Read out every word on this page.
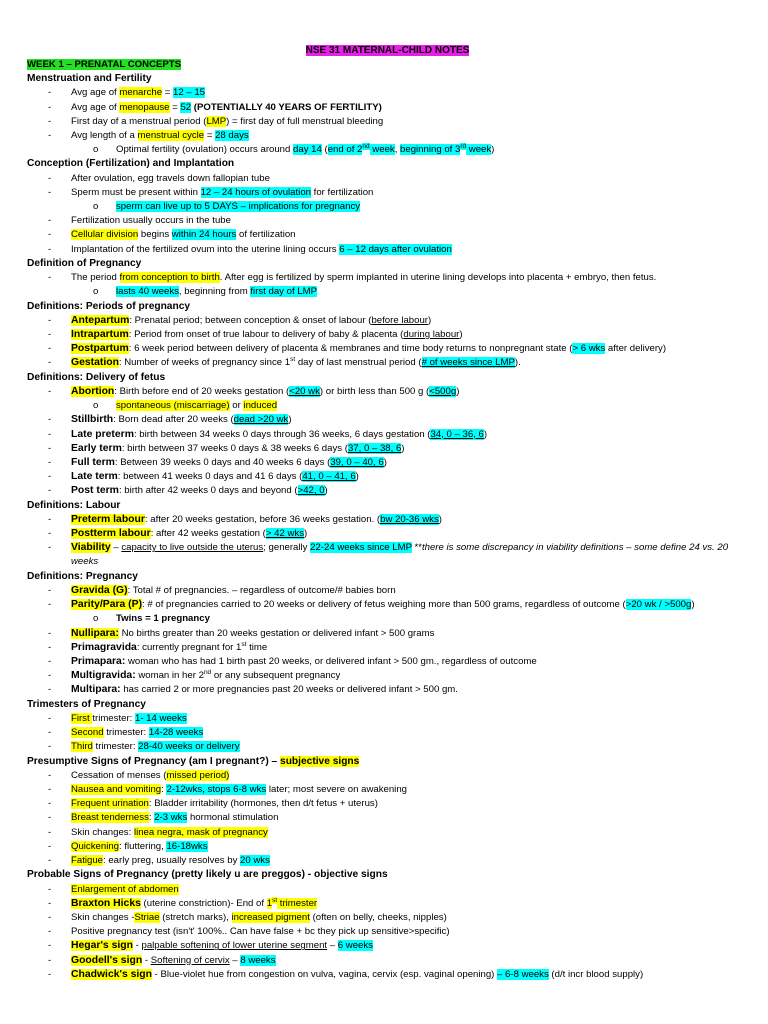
NSE 31 MATERNAL-CHILD NOTES
WEEK 1 – PRENATAL CONCEPTS
Menstruation and Fertility
- Avg age of menarche = 12 – 15
- Avg age of menopause = 52 (POTENTIALLY 40 YEARS OF FERTILITY)
- First day of a menstrual period (LMP) = first day of full menstrual bleeding
- Avg length of a menstrual cycle = 28 days
o Optimal fertility (ovulation) occurs around day 14 (end of 2nd week, beginning of 3rd week)
Conception (Fertilization) and Implantation
- After ovulation, egg travels down fallopian tube
- Sperm must be present within 12 – 24 hours of ovulation for fertilization
o sperm can live up to 5 DAYS – implications for pregnancy
- Fertilization usually occurs in the tube
- Cellular division begins within 24 hours of fertilization
- Implantation of the fertilized ovum into the uterine lining occurs 6 – 12 days after ovulation
Definition of Pregnancy
- The period from conception to birth. After egg is fertilized by sperm implanted in uterine lining develops into placenta + embryo, then fetus.
o lasts 40 weeks, beginning from first day of LMP
Definitions: Periods of pregnancy
- Antepartum: Prenatal period; between conception & onset of labour (before labour)
- Intrapartum: Period from onset of true labour to delivery of baby & placenta (during labour)
- Postpartum: 6 week period between delivery of placenta & membranes and time body returns to nonpregnant state (> 6 wks after delivery)
- Gestation: Number of weeks of pregnancy since 1st day of last menstrual period (# of weeks since LMP).
Definitions: Delivery of fetus
- Abortion: Birth before end of 20 weeks gestation (<20 wk) or birth less than 500 g (<500g)
o spontaneous (miscarriage) or induced
- Stillbirth: Born dead after 20 weeks (dead >20 wk)
- Late preterm: birth between 34 weeks 0 days through 36 weeks, 6 days gestation (34, 0 – 36, 6)
- Early term: birth between 37 weeks 0 days & 38 weeks 6 days (37, 0 – 38, 6)
- Full term: Between 39 weeks 0 days and 40 weeks 6 days (39, 0 – 40, 6)
- Late term: between 41 weeks 0 days and 41 6 days (41, 0 – 41, 6)
- Post term: birth after 42 weeks 0 days and beyond (>42, 0)
Definitions: Labour
- Preterm labour: after 20 weeks gestation, before 36 weeks gestation. (bw 20-36 wks)
- Postterm labour: after 42 weeks gestation (> 42 wks)
- Viability – capacity to live outside the uterus; generally 22-24 weeks since LMP **there is some discrepancy in viability definitions – some define 24 vs. 20 weeks
Definitions: Pregnancy
- Gravida (G): Total # of pregnancies. – regardless of outcome/# babies born
- Parity/Para (P): # of pregnancies carried to 20 weeks or delivery of fetus weighing more than 500 grams, regardless of outcome (>20 wk / >500g)
o Twins = 1 pregnancy
- Nullipara: No births greater than 20 weeks gestation or delivered infant > 500 grams
- Primagravida: currently pregnant for 1st time
- Primapara: woman who has had 1 birth past 20 weeks, or delivered infant > 500 gm., regardless of outcome
- Multigravida: woman in her 2nd or any subsequent pregnancy
- Multipara: has carried 2 or more pregnancies past 20 weeks or delivered infant > 500 gm.
Trimesters of Pregnancy
- First trimester: 1- 14 weeks
- Second trimester: 14-28 weeks
- Third trimester: 28-40 weeks or delivery
Presumptive Signs of Pregnancy (am I pregnant?) – subjective signs
- Cessation of menses (missed period)
- Nausea and vomiting: 2-12wks, stops 6-8 wks later; most severe on awakening
- Frequent urination: Bladder irritability (hormones, then d/t fetus + uterus)
- Breast tenderness: 2-3 wks hormonal stimulation
- Skin changes: linea negra, mask of pregnancy
- Quickening: fluttering, 16-18wks
- Fatigue: early preg, usually resolves by 20 wks
Probable Signs of Pregnancy (pretty likely u are preggos) - objective signs
- Enlargement of abdomen
- Braxton Hicks (uterine constriction)- End of 1st trimester
- Skin changes -Striae (stretch marks), increased pigment (often on belly, cheeks, nipples)
- Positive pregnancy test (isn't' 100%.. Can have false + bc they pick up sensitive>specific)
- Hegar's sign - palpable softening of lower uterine segment – 6 weeks
- Goodell's sign - Softening of cervix – 8 weeks
- Chadwick's sign - Blue-violet hue from congestion on vulva, vagina, cervix (esp. vaginal opening) – 6-8 weeks (d/t incr blood supply)
